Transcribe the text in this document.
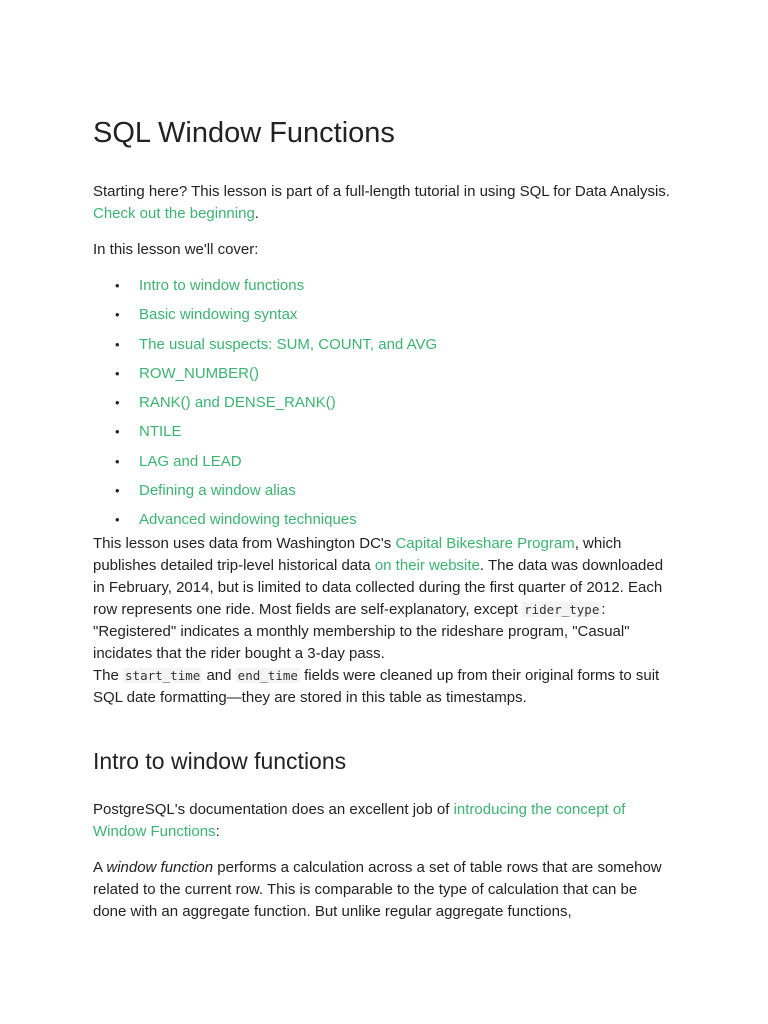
SQL Window Functions

Starting here? This lesson is part of a full-length tutorial in using SQL for Data Analysis. Check out the beginning.

In this lesson we'll cover:

• Intro to window functions
• Basic windowing syntax
• The usual suspects: SUM, COUNT, and AVG
• ROW_NUMBER()
• RANK() and DENSE_RANK()
• NTILE
• LAG and LEAD
• Defining a window alias
• Advanced windowing techniques

This lesson uses data from Washington DC's Capital Bikeshare Program, which publishes detailed trip-level historical data on their website. The data was downloaded in February, 2014, but is limited to data collected during the first quarter of 2012. Each row represents one ride. Most fields are self-explanatory, except rider_type : "Registered" indicates a monthly membership to the rideshare program, "Casual" incidates that the rider bought a 3-day pass.
The start_time and end_time fields were cleaned up from their original forms to suit SQL date formatting—they are stored in this table as timestamps.

Intro to window functions

PostgreSQL's documentation does an excellent job of introducing the concept of Window Functions:

A window function performs a calculation across a set of table rows that are somehow related to the current row. This is comparable to the type of calculation that can be done with an aggregate function. But unlike regular aggregate functions,
